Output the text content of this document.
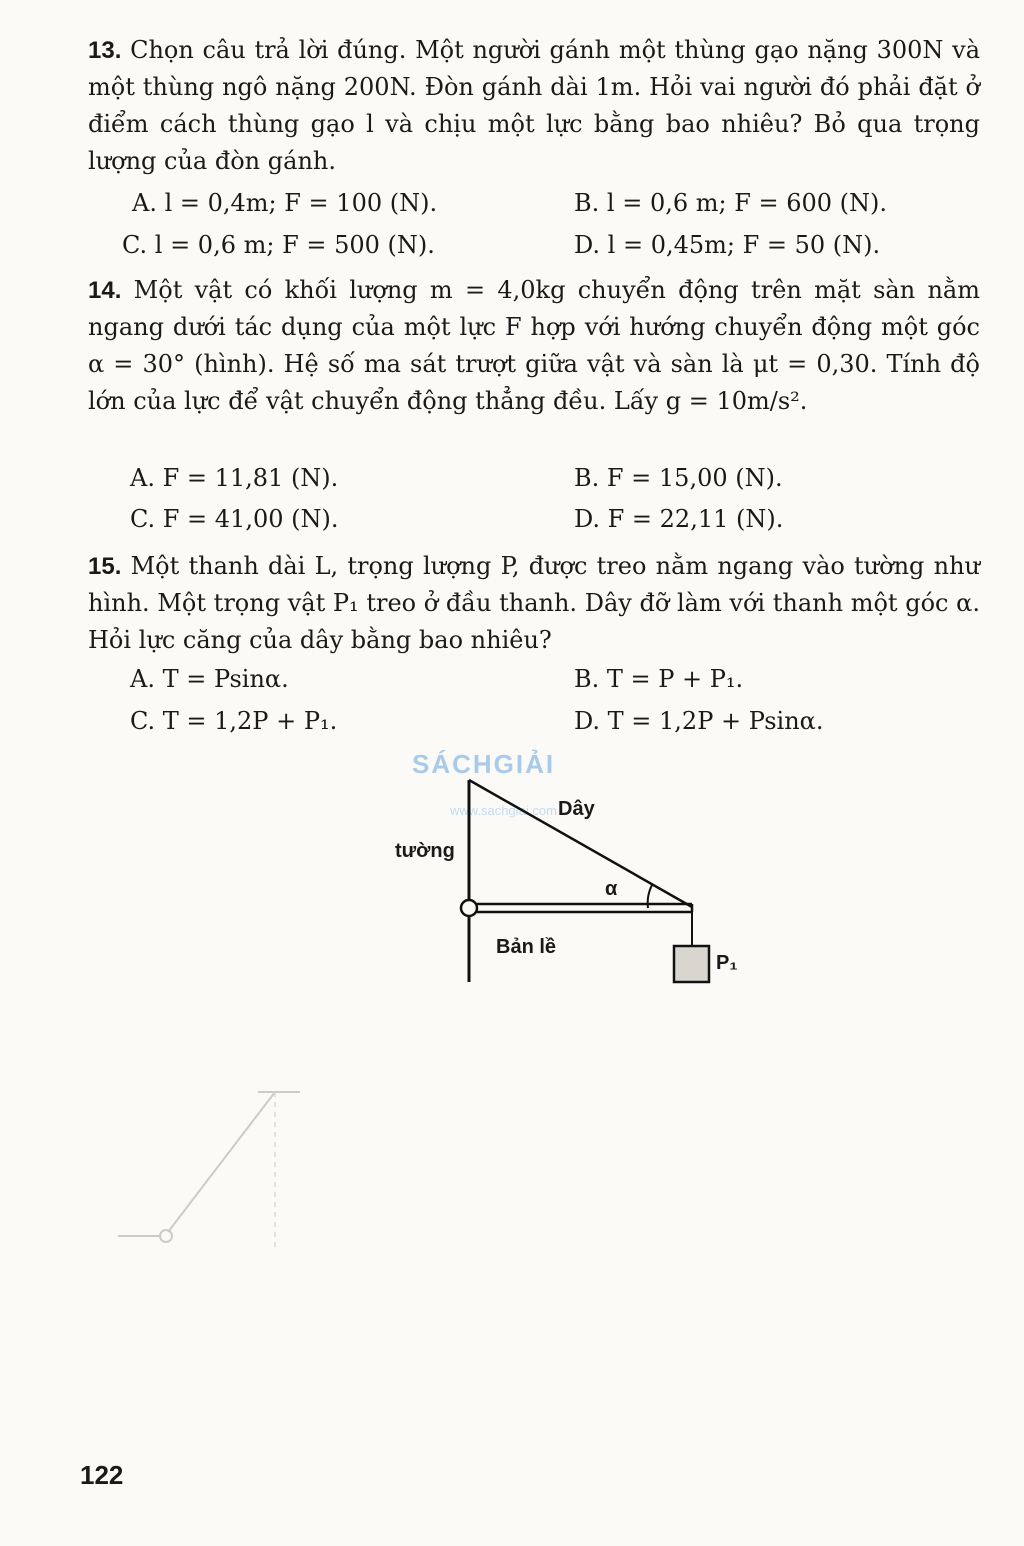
13. Chọn câu trả lời đúng. Một người gánh một thùng gạo nặng 300N và một thùng ngô nặng 200N. Đòn gánh dài 1m. Hỏi vai người đó phải đặt ở điểm cách thùng gạo l và chịu một lực bằng bao nhiêu? Bỏ qua trọng lượng của đòn gánh.
A. l = 0,4m; F = 100 (N).	B. l = 0,6 m; F = 600 (N).
C. l = 0,6 m; F = 500 (N).	D. l = 0,45m; F = 50 (N).
14. Một vật có khối lượng m = 4,0kg chuyển động trên mặt sàn nằm ngang dưới tác dụng của một lực F hợp với hướng chuyển động một góc α = 30° (hình). Hệ số ma sát trượt giữa vật và sàn là μt = 0,30. Tính độ lớn của lực để vật chuyển động thẳng đều. Lấy g = 10m/s².
A. F = 11,81 (N).	B. F = 15,00 (N).
C. F = 41,00 (N).	D. F = 22,11 (N).
15. Một thanh dài L, trọng lượng P, được treo nằm ngang vào tường như hình. Một trọng vật P₁ treo ở đầu thanh. Dây đỡ làm với thanh một góc α. Hỏi lực căng của dây bằng bao nhiêu?
A. T = Psinα.	B. T = P + P₁.
C. T = 1,2P + P₁.	D. T = 1,2P + Psinα.
SÁCHGIẢI
www.sachgiai.com Dây
tường
α
Bản lề
P₁
122
